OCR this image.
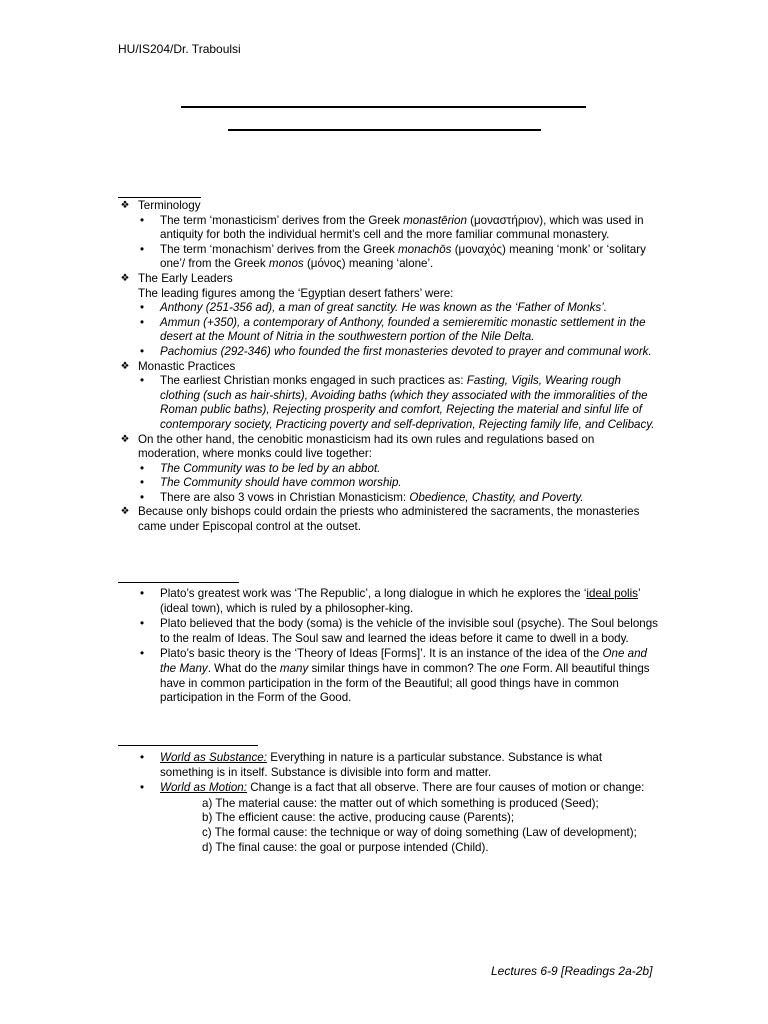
HU/IS204/Dr. Traboulsi
❖ Terminology
• The term ‘monasticism’ derives from the Greek monastērion (μοναστήριον), which was used in antiquity for both the individual hermit’s cell and the more familiar communal monastery.
• The term ‘monachism’ derives from the Greek monachōs (μοναχός) meaning ‘monk’ or ‘solitary one’/ from the Greek monos (μόνος) meaning ‘alone’.
❖ The Early Leaders
The leading figures among the ‘Egyptian desert fathers’ were:
• Anthony (251-356 ad), a man of great sanctity. He was known as the ‘Father of Monks’.
• Ammun (+350), a contemporary of Anthony, founded a semieremitic monastic settlement in the desert at the Mount of Nitria in the southwestern portion of the Nile Delta.
• Pachomius (292-346) who founded the first monasteries devoted to prayer and communal work.
❖ Monastic Practices
• The earliest Christian monks engaged in such practices as: Fasting, Vigils, Wearing rough clothing (such as hair-shirts), Avoiding baths (which they associated with the immoralities of the Roman public baths), Rejecting prosperity and comfort, Rejecting the material and sinful life of contemporary society, Practicing poverty and self-deprivation, Rejecting family life, and Celibacy.
❖ On the other hand, the cenobitic monasticism had its own rules and regulations based on moderation, where monks could live together:
• The Community was to be led by an abbot.
• The Community should have common worship.
• There are also 3 vows in Christian Monasticism: Obedience, Chastity, and Poverty.
❖ Because only bishops could ordain the priests who administered the sacraments, the monasteries came under Episcopal control at the outset.
• Plato’s greatest work was ‘The Republic’, a long dialogue in which he explores the ‘ideal polis’ (ideal town), which is ruled by a philosopher-king.
• Plato believed that the body (soma) is the vehicle of the invisible soul (psyche). The Soul belongs to the realm of Ideas. The Soul saw and learned the ideas before it came to dwell in a body.
• Plato’s basic theory is the ‘Theory of Ideas [Forms]’. It is an instance of the idea of the One and the Many. What do the many similar things have in common? The one Form. All beautiful things have in common participation in the form of the Beautiful; all good things have in common participation in the Form of the Good.
• World as Substance: Everything in nature is a particular substance. Substance is what something is in itself. Substance is divisible into form and matter.
• World as Motion: Change is a fact that all observe. There are four causes of motion or change:
a) The material cause: the matter out of which something is produced (Seed);
b) The efficient cause: the active, producing cause (Parents);
c) The formal cause: the technique or way of doing something (Law of development);
d) The final cause: the goal or purpose intended (Child).
Lectures 6-9 [Readings 2a-2b]
